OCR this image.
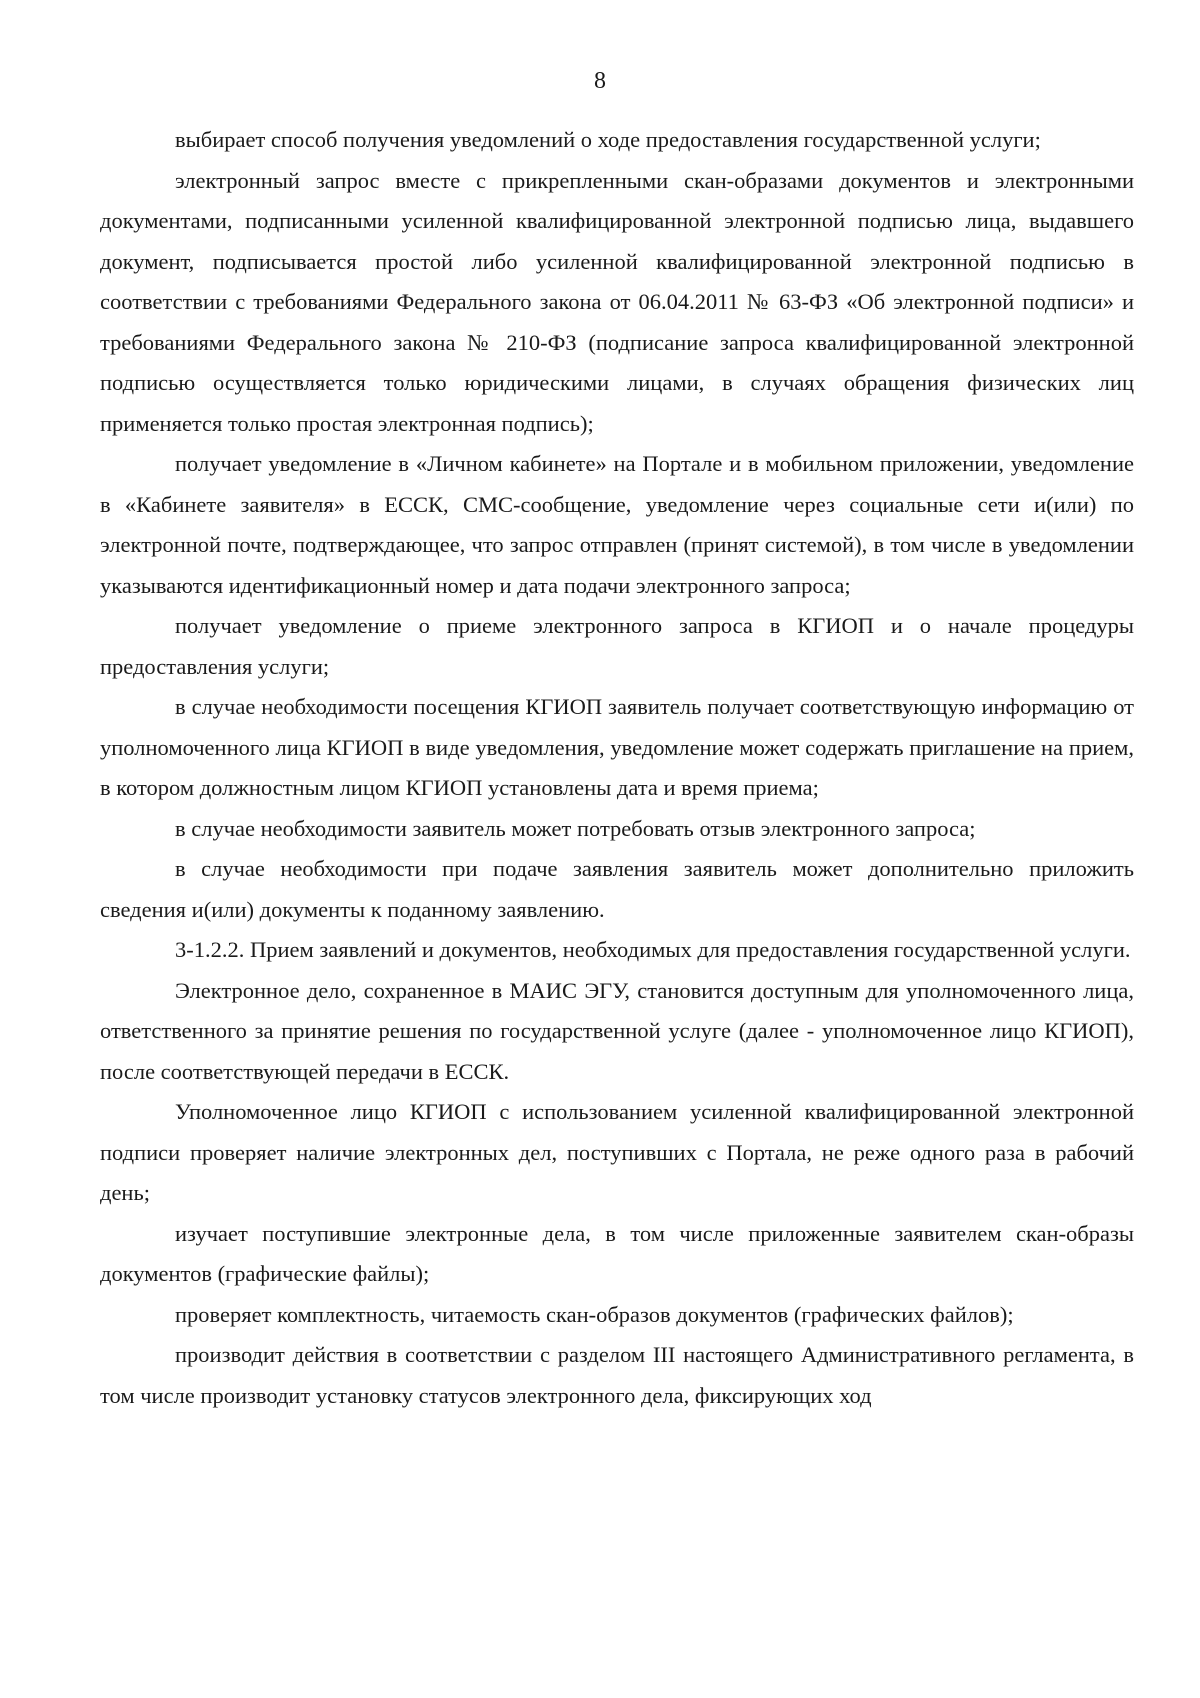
8

выбирает способ получения уведомлений о ходе предоставления государственной услуги;

электронный запрос вместе с прикрепленными скан-образами документов и электронными документами, подписанными усиленной квалифицированной электронной подписью лица, выдавшего документ, подписывается простой либо усиленной квалифицированной электронной подписью в соответствии с требованиями Федерального закона от 06.04.2011 № 63-ФЗ «Об электронной подписи» и требованиями Федерального закона № 210-ФЗ (подписание запроса квалифицированной электронной подписью осуществляется только юридическими лицами, в случаях обращения физических лиц применяется только простая электронная подпись);

получает уведомление в «Личном кабинете» на Портале и в мобильном приложении, уведомление в «Кабинете заявителя» в ЕССК, СМС-сообщение, уведомление через социальные сети и(или) по электронной почте, подтверждающее, что запрос отправлен (принят системой), в том числе в уведомлении указываются идентификационный номер и дата подачи электронного запроса;

получает уведомление о приеме электронного запроса в КГИОП и о начале процедуры предоставления услуги;

в случае необходимости посещения КГИОП заявитель получает соответствующую информацию от уполномоченного лица КГИОП в виде уведомления, уведомление может содержать приглашение на прием, в котором должностным лицом КГИОП установлены дата и время приема;

в случае необходимости заявитель может потребовать отзыв электронного запроса;

в случае необходимости при подаче заявления заявитель может дополнительно приложить сведения и(или) документы к поданному заявлению.

3-1.2.2. Прием заявлений и документов, необходимых для предоставления государственной услуги.

Электронное дело, сохраненное в МАИС ЭГУ, становится доступным для уполномоченного лица, ответственного за принятие решения по государственной услуге (далее - уполномоченное лицо КГИОП), после соответствующей передачи в ЕССК.

Уполномоченное лицо КГИОП с использованием усиленной квалифицированной электронной подписи проверяет наличие электронных дел, поступивших с Портала, не реже одного раза в рабочий день;

изучает поступившие электронные дела, в том числе приложенные заявителем скан-образы документов (графические файлы);

проверяет комплектность, читаемость скан-образов документов (графических файлов);

производит действия в соответствии с разделом III настоящего Административного регламента, в том числе производит установку статусов электронного дела, фиксирующих ход
